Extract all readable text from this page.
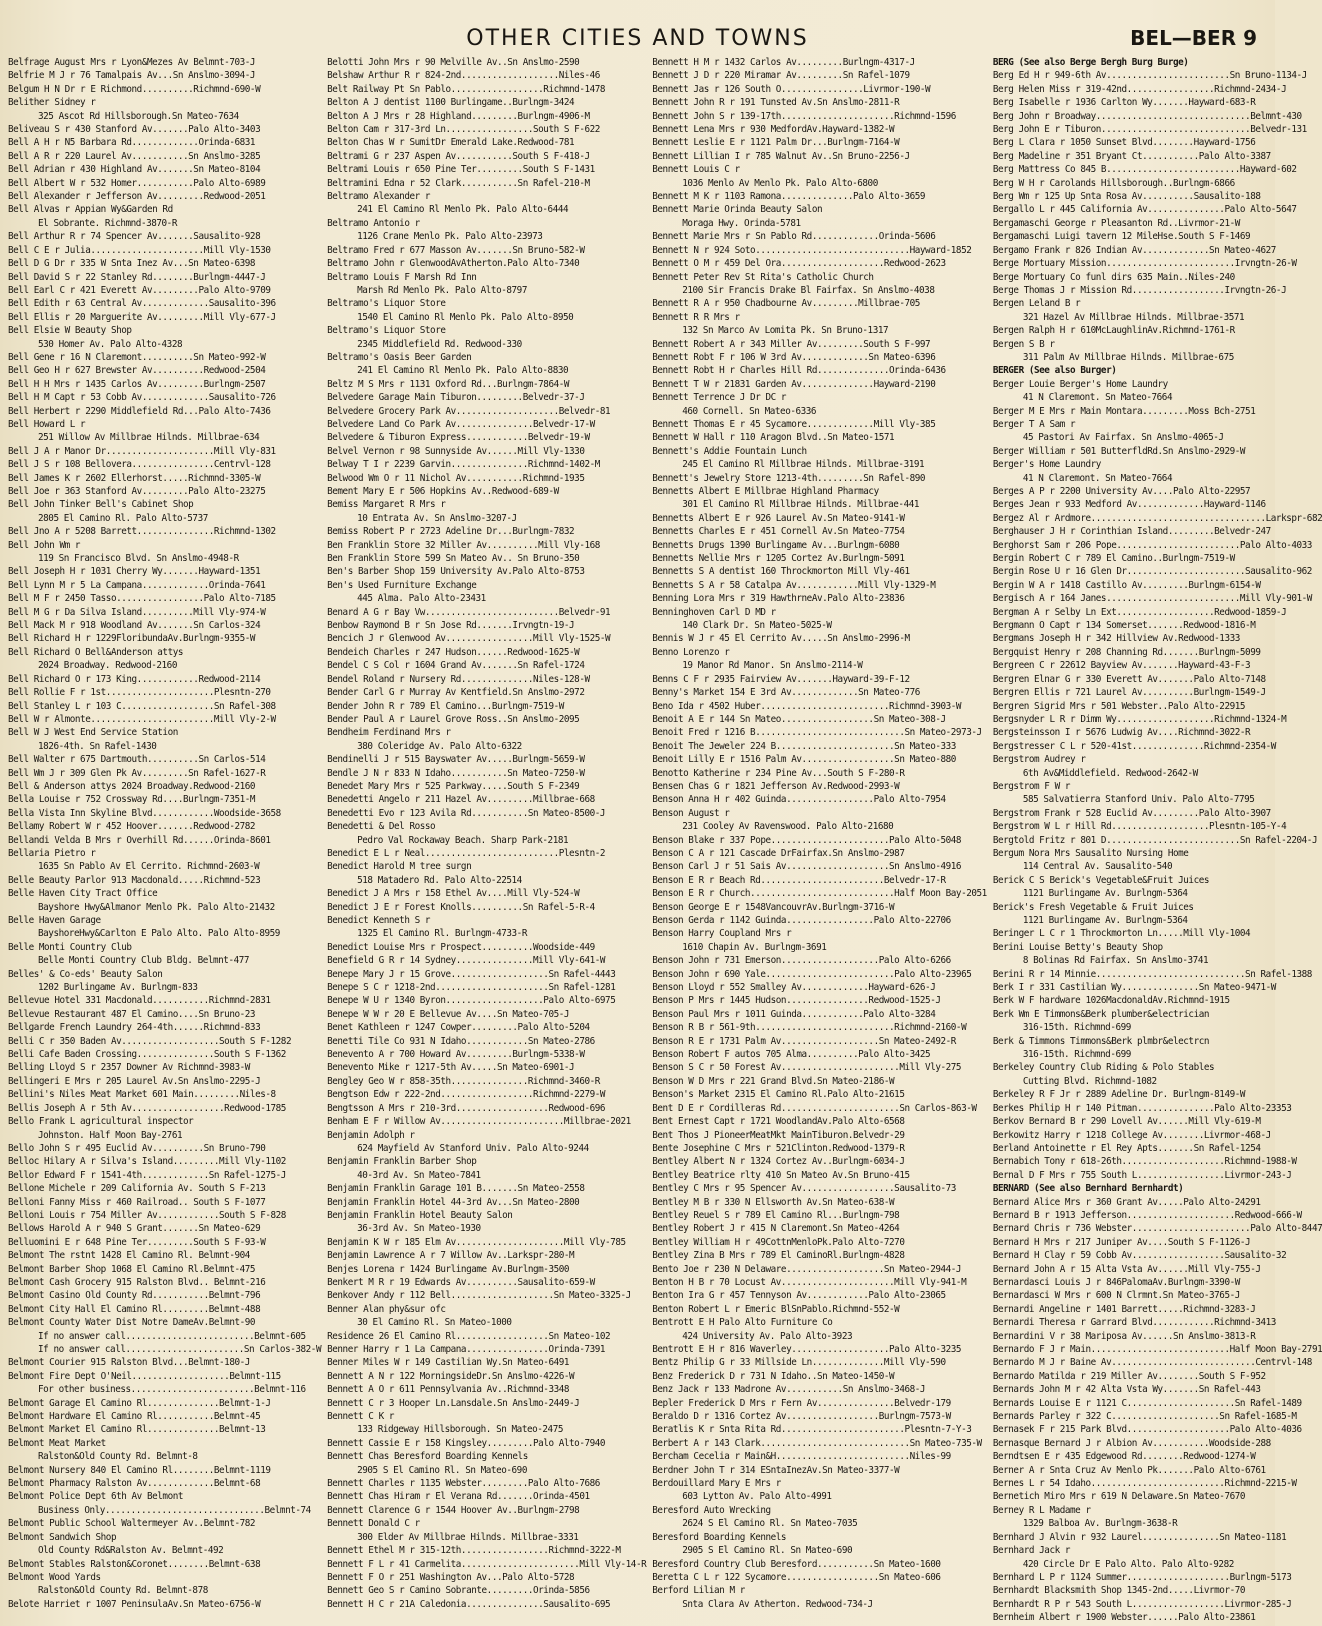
OTHER CITIES AND TOWNS	BEL—BER 9
Belfrage August Mrs r Lyon&Mezes Av Belmnt-703-J
Belfrie M J r 76 Tamalpais Av...Sn Anslmo-3094-J
Belgum H N Dr r E Richmond..........Richmnd-690-W
Belither Sidney r
325 Ascot Rd Hillsborough.Sn Mateo-7634
Beliveau S r 430 Stanford Av.......Palo Alto-3403
Bell A H r N5 Barbara Rd.............Orinda-6831
Bell A R r 220 Laurel Av...........Sn Anslmo-3285
Bell Adrian r 430 Highland Av.......Sn Mateo-8104
Bell Albert W r 532 Homer...........Palo Alto-6989
Bell Alexander r Jefferson Av.........Redwood-2051
Bell Alvas r Appian Wy&Garden Rd
El Sobrante. Richmnd-3870-R
Bell Arthur R r 74 Spencer Av.......Sausalito-928
Bell C E r Julia......................Mill Vly-1530
Bell D G Dr r 335 W Snta Inez Av...Sn Mateo-6398
Bell David S r 22 Stanley Rd........Burlngm-4447-J
Bell Earl C r 421 Everett Av.........Palo Alto-9709
Bell Edith r 63 Central Av.............Sausalito-396
Bell Ellis r 20 Marguerite Av.........Mill Vly-677-J
Bell Elsie W Beauty Shop
530 Homer Av. Palo Alto-4328
Bell Gene r 16 N Claremont..........Sn Mateo-992-W
Bell Geo H r 627 Brewster Av..........Redwood-2504
Bell H H Mrs r 1435 Carlos Av.........Burlngm-2507
Bell H M Capt r 53 Cobb Av.............Sausalito-726
Bell Herbert r 2290 Middlefield Rd...Palo Alto-7436
Bell Howard L r
251 Willow Av Millbrae Hilnds. Millbrae-634
Bell J A r Manor Dr.....................Mill Vly-831
Bell J S r 108 Bellovera................Centrvl-128
Bell James K r 2602 Ellerhorst.....Richmnd-3305-W
Bell Joe r 363 Stanford Av.........Palo Alto-23275
Bell John Tinker Bell's Cabinet Shop
2805 El Camino Rl. Palo Alto-5737
Bell Jno A r 5208 Barrett...............Richmnd-1302
Bell John Wm r
119 Sn Francisco Blvd. Sn Anslmo-4948-R
Bell Joseph H r 1031 Cherry Wy.......Hayward-1351
Bell Lynn M r 5 La Campana.............Orinda-7641
Bell M F r 2450 Tasso.................Palo Alto-7185
Bell M G r Da Silva Island..........Mill Vly-974-W
Bell Mack M r 918 Woodland Av.......Sn Carlos-324
Bell Richard H r 1229FloribundaAv.Burlngm-9355-W
Bell Richard O Bell&Anderson attys
2024 Broadway. Redwood-2160
Bell Richard O r 173 King............Redwood-2114
Bell Rollie F r 1st.....................Plesntn-270
Bell Stanley L r 103 C..................Sn Rafel-308
Bell W r Almonte........................Mill Vly-2-W
Bell W J West End Service Station
1826-4th. Sn Rafel-1430
Bell Walter r 675 Dartmouth..........Sn Carlos-514
Bell Wm J r 309 Glen Pk Av.........Sn Rafel-1627-R
Bell & Anderson attys 2024 Broadway.Redwood-2160
Bella Louise r 752 Crossway Rd....Burlngm-7351-M
Bella Vista Inn Skyline Blvd............Woodside-3658
Bellamy Robert W r 452 Hoover.......Redwood-2782
Bellandi Velda B Mrs r Overhill Rd......Orinda-8601
Bellaria Pietro r
1635 Sn Pablo Av El Cerrito. Richmnd-2603-W
Belle Beauty Parlor 913 Macdonald.....Richmnd-523
Belle Haven City Tract Office
Bayshore Hwy&Almanor Menlo Pk. Palo Alto-21432
Belle Haven Garage
BayshoreHwy&Carlton E Palo Alto. Palo Alto-8959
Belle Monti Country Club
Belle Monti Country Club Bldg. Belmnt-477
Belles' & Co-eds' Beauty Salon
1202 Burlingame Av. Burlngm-833
Bellevue Hotel 331 Macdonald...........Richmnd-2831
Bellevue Restaurant 487 El Camino....Sn Bruno-23
Bellgarde French Laundry 264-4th......Richmnd-833
Belli C r 350 Baden Av...................South S F-1282
Belli Cafe Baden Crossing...............South S F-1362
Belling Lloyd S r 2357 Downer Av Richmnd-3983-W
Bellingeri E Mrs r 205 Laurel Av.Sn Anslmo-2295-J
Bellini's Niles Meat Market 601 Main.........Niles-8
Bellis Joseph A r 5th Av..................Redwood-1785
Bello Frank L agricultural inspector
Johnston. Half Moon Bay-2761
Bello John S r 495 Euclid Av..........Sn Bruno-790
Belloc Hilary A r Silva's Island.........Mill Vly-1102
Bellor Edward F r 1541-4th.............Sn Rafel-1275-J
Bellone Michele r 209 California Av. South S F-213
Belloni Fanny Miss r 460 Railroad.. South S F-1077
Belloni Louis r 754 Miller Av............South S F-828
Bellows Harold A r 940 S Grant.......Sn Mateo-629
Belluomini E r 648 Pine Ter.........South S F-93-W
Belmont The rstnt 1428 El Camino Rl. Belmnt-904
Belmont Barber Shop 1068 El Camino Rl.Belmnt-475
Belmont Cash Grocery 915 Ralston Blvd.. Belmnt-216
Belmont Casino Old County Rd...........Belmnt-796
Belmont City Hall El Camino Rl.........Belmnt-488
Belmont County Water Dist Notre DameAv.Belmnt-90
If no answer call.........................Belmnt-605
If no answer call.......................Sn Carlos-382-W
Belmont Courier 915 Ralston Blvd...Belmnt-180-J
Belmont Fire Dept O'Neil...................Belmnt-115
For other business........................Belmnt-116
Belmont Garage El Camino Rl..............Belmnt-1-J
Belmont Hardware El Camino Rl...........Belmnt-45
Belmont Market El Camino Rl..............Belmnt-13
Belmont Meat Market
Ralston&Old County Rd. Belmnt-8
Belmont Nursery 840 El Camino Rl........Belmnt-1119
Belmont Pharmacy Ralston Av.............Belmnt-68
Belmont Police Dept 6th Av Belmont
Business Only...............................Belmnt-74
Belmont Public School Waltermeyer Av..Belmnt-782
Belmont Sandwich Shop
Old County Rd&Ralston Av. Belmnt-492
Belmont Stables Ralston&Coronet........Belmnt-638
Belmont Wood Yards
Ralston&Old County Rd. Belmnt-878
Belote Harriet r 1007 PeninsulaAv.Sn Mateo-6756-W
Belotti John Mrs r 90 Melville Av..Sn Anslmo-2590
Belshaw Arthur R r 824-2nd...................Niles-46
Belt Railway Pt Sn Pablo..................Richmnd-1478
Belton A J dentist 1100 Burlingame..Burlngm-3424
Belton A J Mrs r 28 Highland.........Burlngm-4906-M
Belton Cam r 317-3rd Ln.................South S F-622
Belton Chas W r SumitDr Emerald Lake.Redwood-781
Beltrami G r 237 Aspen Av...........South S F-418-J
Beltrami Louis r 650 Pine Ter.........South S F-1431
Beltramini Edna r 52 Clark...........Sn Rafel-210-M
Beltramo Alexander r
241 El Camino Rl Menlo Pk. Palo Alto-6444
Beltramo Antonio r
1126 Crane Menlo Pk. Palo Alto-23973
Beltramo Fred r 677 Masson Av.......Sn Bruno-582-W
Beltramo John r GlenwoodAvAtherton.Palo Alto-7340
Beltramo Louis F Marsh Rd Inn
Marsh Rd Menlo Pk. Palo Alto-8797
Beltramo's Liquor Store
1540 El Camino Rl Menlo Pk. Palo Alto-8950
Beltramo's Liquor Store
2345 Middlefield Rd. Redwood-330
Beltramo's Oasis Beer Garden
241 El Camino Rl Menlo Pk. Palo Alto-8830
Beltz M S Mrs r 1131 Oxford Rd...Burlngm-7864-W
Belvedere Garage Main Tiburon.........Belvedr-37-J
Belvedere Grocery Park Av....................Belvedr-81
Belvedere Land Co Park Av...............Belvedr-17-W
Belvedere & Tiburon Express............Belvedr-19-W
Belvel Vernon r 98 Sunnyside Av......Mill Vly-1330
Belway T I r 2239 Garvin...............Richmnd-1402-M
Belwood Wm O r 11 Nichol Av...........Richmnd-1935
Bement Mary E r 506 Hopkins Av..Redwood-689-W
Bemiss Margaret R Mrs r
10 Entrata Av. Sn Anslmo-3207-J
Bemiss Robert P r 2723 Adeline Dr...Burlngm-7832
Ben Franklin Store 32 Miller Av..........Mill Vly-168
Ben Franklin Store 599 Sn Mateo Av.. Sn Bruno-350
Ben's Barber Shop 159 University Av.Palo Alto-8753
Ben's Used Furniture Exchange
445 Alma. Palo Alto-23431
Benard A G r Bay Vw..........................Belvedr-91
Benbow Raymond B r Sn Jose Rd.......Irvngtn-19-J
Bencich J r Glenwood Av.................Mill Vly-1525-W
Bendeich Charles r 247 Hudson......Redwood-1625-W
Bendel C S Col r 1604 Grand Av.......Sn Rafel-1724
Bendel Roland r Nursery Rd..............Niles-128-W
Bender Carl G r Murray Av Kentfield.Sn Anslmo-2972
Bender John R r 789 El Camino...Burlngm-7519-W
Bender Paul A r Laurel Grove Ross..Sn Anslmo-2095
Bendheim Ferdinand Mrs r
380 Coleridge Av. Palo Alto-6322
Bendinelli J r 515 Bayswater Av.....Burlngm-5659-W
Bendle J N r 833 N Idaho...........Sn Mateo-7250-W
Benedet Mary Mrs r 525 Parkway.....South S F-2349
Benedetti Angelo r 211 Hazel Av.........Millbrae-668
Benedetti Evo r 123 Avila Rd...........Sn Mateo-8500-J
Benedetti & Del Rosso
Pedro Val Rockaway Beach. Sharp Park-2181
Benedict E L r Neal..........................Plesntn-2
Benedict Harold M tree surgn
518 Matadero Rd. Palo Alto-22514
Benedict J A Mrs r 158 Ethel Av....Mill Vly-524-W
Benedict J E r Forest Knolls..........Sn Rafel-5-R-4
Benedict Kenneth S r
1325 El Camino Rl. Burlngm-4733-R
Benedict Louise Mrs r Prospect..........Woodside-449
Benefield G R r 14 Sydney...............Mill Vly-641-W
Benepe Mary J r 15 Grove...................Sn Rafel-4443
Benepe S C r 1218-2nd......................Sn Rafel-1281
Benepe W U r 1340 Byron...................Palo Alto-6975
Benepe W W r 20 E Bellevue Av....Sn Mateo-705-J
Benet Kathleen r 1247 Cowper.........Palo Alto-5204
Benetti Tile Co 931 N Idaho............Sn Mateo-2786
Benevento A r 700 Howard Av.........Burlngm-5338-W
Benevento Mike r 1217-5th Av.....Sn Mateo-6901-J
Bengley Geo W r 858-35th...............Richmnd-3460-R
Bengtson Edw r 222-2nd..................Richmnd-2279-W
Bengtsson A Mrs r 210-3rd..................Redwood-696
Benham E F r Willow Av........................Millbrae-2021
Benjamin Adolph r
624 Mayfield Av Stanford Univ. Palo Alto-9244
Benjamin Franklin Barber Shop
40-3rd Av. Sn Mateo-7841
Benjamin Franklin Garage 101 B.......Sn Mateo-2558
Benjamin Franklin Hotel 44-3rd Av...Sn Mateo-2800
Benjamin Franklin Hotel Beauty Salon
36-3rd Av. Sn Mateo-1930
Benjamin K W r 185 Elm Av.....................Mill Vly-785
Benjamin Lawrence A r 7 Willow Av..Larkspr-280-M
Benjes Lorena r 1424 Burlingame Av.Burlngm-3500
Benkert M R r 19 Edwards Av..........Sausalito-659-W
Benkover Andy r 112 Bell....................Sn Mateo-3325-J
Benner Alan phy&sur ofc
30 El Camino Rl. Sn Mateo-1000
Residence 26 El Camino Rl..................Sn Mateo-102
Benner Harry r 1 La Campana................Orinda-7391
Benner Miles W r 149 Castilian Wy.Sn Mateo-6491
Bennett A N r 122 MorningsideDr.Sn Anslmo-4226-W
Bennett A O r 611 Pennsylvania Av..Richmnd-3348
Bennett C r 3 Hooper Ln.Lansdale.Sn Anslmo-2449-J
Bennett C K r
133 Ridgeway Hillsborough. Sn Mateo-2475
Bennett Cassie E r 158 Kingsley.........Palo Alto-7940
Bennett Chas Beresford Boarding Kennels
2905 S El Camino Rl. Sn Mateo-690
Bennett Charles r 1135 Webster.........Palo Alto-7686
Bennett Chas Hiram r El Verana Rd.......Orinda-4501
Bennett Clarence G r 1544 Hoover Av..Burlngm-2798
Bennett Donald C r
300 Elder Av Millbrae Hilnds. Millbrae-3331
Bennett Ethel M r 315-12th.................Richmnd-3222-M
Bennett F L r 41 Carmelita.......................Mill Vly-14-R
Bennett F O r 251 Washington Av...Palo Alto-5728
Bennett Geo S r Camino Sobrante.........Orinda-5856
Bennett H C r 21A Caledonia...............Sausalito-695
Bennett H M r 1432 Carlos Av.........Burlngm-4317-J
Bennett J D r 220 Miramar Av.........Sn Rafel-1079
Bennett Jas r 126 South O................Livrmor-190-W
Bennett John R r 191 Tunsted Av.Sn Anslmo-2811-R
Bennett John S r 139-17th......................Richmnd-1596
Bennett Lena Mrs r 930 MedfordAv.Hayward-1382-W
Bennett Leslie E r 1121 Palm Dr...Burlngm-7164-W
Bennett Lillian I r 785 Walnut Av..Sn Bruno-2256-J
Bennett Louis C r
1036 Menlo Av Menlo Pk. Palo Alto-6800
Bennett M K r 1103 Ramona..............Palo Alto-3659
Bennett Marie Orinda Beauty Salon
Moraga Hwy. Orinda-5781
Bennett Marie Mrs r Sn Pablo Rd.............Orinda-5606
Bennett N r 924 Soto..............................Hayward-1852
Bennett O M r 459 Del Ora....................Redwood-2623
Bennett Peter Rev St Rita's Catholic Church
2100 Sir Francis Drake Bl Fairfax. Sn Anslmo-4038
Bennett R A r 950 Chadbourne Av.........Millbrae-705
Bennett R R Mrs r
132 Sn Marco Av Lomita Pk. Sn Bruno-1317
Bennett Robert A r 343 Miller Av.........South S F-997
Bennett Robt F r 106 W 3rd Av.............Sn Mateo-6396
Bennett Robt H r Charles Hill Rd..............Orinda-6436
Bennett T W r 21831 Garden Av..............Hayward-2190
Bennett Terrence J Dr DC r
460 Cornell. Sn Mateo-6336
Bennett Thomas E r 45 Sycamore.............Mill Vly-385
Bennett W Hall r 110 Aragon Blvd..Sn Mateo-1571
Bennett's Addie Fountain Lunch
245 El Camino Rl Millbrae Hilnds. Millbrae-3191
Bennett's Jewelry Store 1213-4th.........Sn Rafel-890
Bennetts Albert E Millbrae Highland Pharmacy
301 El Camino Rl Millbrae Hilnds. Millbrae-441
Bennetts Albert E r 926 Laurel Av.Sn Mateo-9141-W
Bennetts Charles E r 451 Cornell Av.Sn Mateo-7754
Bennetts Drugs 1390 Burlingame Av...Burlngm-6080
Bennetts Nellie Mrs r 1205 Cortez Av.Burlngm-5091
Bennetts S A dentist 160 Throckmorton Mill Vly-461
Bennetts S A r 58 Catalpa Av............Mill Vly-1329-M
Benning Lora Mrs r 319 HawthrneAv.Palo Alto-23836
Benninghoven Carl D MD r
140 Clark Dr. Sn Mateo-5025-W
Bennis W J r 45 El Cerrito Av.....Sn Anslmo-2996-M
Benno Lorenzo r
19 Manor Rd Manor. Sn Anslmo-2114-W
Benns C F r 2935 Fairview Av.......Hayward-39-F-12
Benny's Market 154 E 3rd Av.............Sn Mateo-776
Beno Ida r 4502 Huber.........................Richmnd-3903-W
Benoit A E r 144 Sn Mateo..................Sn Mateo-308-J
Benoit Fred r 1216 B.............................Sn Mateo-2973-J
Benoit The Jeweler 224 B.......................Sn Mateo-333
Benoit Lilly E r 1516 Palm Av..................Sn Mateo-880
Benotto Katherine r 234 Pine Av...South S F-280-R
Bensen Chas G r 1821 Jefferson Av.Redwood-2993-W
Benson Anna H r 402 Guinda.................Palo Alto-7954
Benson August r
231 Cooley Av Ravenswood. Palo Alto-21680
Benson Blake r 337 Pope.......................Palo Alto-5048
Benson C A r 121 Cascade DrFairfax.Sn Anslmo-2987
Benson Carl J r 51 Sais Av....................Sn Anslmo-4916
Benson E R r Beach Rd........................Belvedr-17-R
Benson E R r Church............................Half Moon Bay-2051
Benson George E r 1548VancouvrAv.Burlngm-3716-W
Benson Gerda r 1142 Guinda.................Palo Alto-22706
Benson Harry Coupland Mrs r
1610 Chapin Av. Burlngm-3691
Benson John r 731 Emerson...................Palo Alto-6266
Benson John r 690 Yale.........................Palo Alto-23965
Benson Lloyd r 552 Smalley Av.............Hayward-626-J
Benson P Mrs r 1445 Hudson................Redwood-1525-J
Benson Paul Mrs r 1011 Guinda............Palo Alto-3284
Benson R B r 561-9th...........................Richmnd-2160-W
Benson R E r 1731 Palm Av...................Sn Mateo-2492-R
Benson Robert F autos 705 Alma..........Palo Alto-3425
Benson S C r 50 Forest Av.......................Mill Vly-275
Benson W D Mrs r 221 Grand Blvd.Sn Mateo-2186-W
Benson's Market 2315 El Camino Rl.Palo Alto-21615
Bent D E r Cordilleras Rd.......................Sn Carlos-863-W
Bent Ernest Capt r 1721 WoodlandAv.Palo Alto-6568
Bent Thos J PioneerMeatMkt MainTiburon.Belvedr-29
Bente Josephine C Mrs r 521Clinton.Redwood-1379-R
Bentley Albert N r 1324 Cortez Av..Burlngm-6034-J
Bentley Beatrice rlty 410 Sn Mateo Av.Sn Bruno-415
Bentley C Mrs r 95 Spencer Av..................Sausalito-73
Bentley M B r 330 N Ellsworth Av.Sn Mateo-638-W
Bentley Reuel S r 789 El Camino Rl...Burlngm-798
Bentley Robert J r 415 N Claremont.Sn Mateo-4264
Bentley William H r 49CottnMenloPk.Palo Alto-7270
Bentley Zina B Mrs r 789 El CaminoRl.Burlngm-4828
Bento Joe r 230 N Delaware...................Sn Mateo-2944-J
Benton H B r 70 Locust Av......................Mill Vly-941-M
Benton Ira G r 457 Tennyson Av............Palo Alto-23065
Benton Robert L r Emeric BlSnPablo.Richmnd-552-W
Bentrott E H Palo Alto Furniture Co
424 University Av. Palo Alto-3923
Bentrott E H r 816 Waverley...................Palo Alto-3235
Bentz Philip G r 33 Millside Ln..............Mill Vly-590
Benz Frederick D r 731 N Idaho..Sn Mateo-1450-W
Benz Jack r 133 Madrone Av...........Sn Anslmo-3468-J
Bepler Frederick D Mrs r Fern Av...............Belvedr-179
Beraldo D r 1316 Cortez Av..................Burlngm-7573-W
Beratlis K r Snta Rita Rd........................Plesntn-7-Y-3
Berbert A r 143 Clark.............................Sn Mateo-735-W
Bercham Cecelia r Main&H..........................Niles-99
Berdner John T r 314 ESntaInezAv.Sn Mateo-3377-W
Berdouillard Mary E Mrs r
603 Lytton Av. Palo Alto-4991
Beresford Auto Wrecking
2624 S El Camino Rl. Sn Mateo-7035
Beresford Boarding Kennels
2905 S El Camino Rl. Sn Mateo-690
Beresford Country Club Beresford...........Sn Mateo-1600
Beretta C L r 122 Sycamore..................Sn Mateo-606
Berford Lilian M r
Snta Clara Av Atherton. Redwood-734-J
BERG (See also Berge Bergh Burg Burge)
Berg Ed H r 949-6th Av........................Sn Bruno-1134-J
Berg Helen Miss r 319-42nd.................Richmnd-2434-J
Berg Isabelle r 1936 Carlton Wy.......Hayward-683-R
Berg John r Broadway..............................Belmnt-430
Berg John E r Tiburon.............................Belvedr-131
Berg L Clara r 1050 Sunset Blvd........Hayward-1756
Berg Madeline r 351 Bryant Ct...........Palo Alto-3387
Berg Mattress Co 845 B..........................Hayward-602
Berg W H r Carolands Hillsborough..Burlngm-6866
Berg Wm r 125 Up Snta Rosa Av..........Sausalito-188
Bergallo L r 445 California Av...............Palo Alto-5647
Bergamaschi George r Pleasanton Rd..Livrmor-21-W
Bergamaschi Luigi tavern 12 MileHse.South S F-1469
Bergamo Frank r 826 Indian Av.............Sn Mateo-4627
Berge Mortuary Mission.........................Irvngtn-26-W
Berge Mortuary Co funl dirs 635 Main..Niles-240
Berge Thomas J r Mission Rd..................Irvngtn-26-J
Bergen Leland B r
321 Hazel Av Millbrae Hilnds. Millbrae-3571
Bergen Ralph H r 610McLaughlinAv.Richmnd-1761-R
Bergen S B r
311 Palm Av Millbrae Hilnds. Millbrae-675
BERGER (See also Burger)
Berger Louie Berger's Home Laundry
41 N Claremont. Sn Mateo-7664
Berger M E Mrs r Main Montara.........Moss Bch-2751
Berger T A Sam r
45 Pastori Av Fairfax. Sn Anslmo-4065-J
Berger William r 501 ButterfldRd.Sn Anslmo-2929-W
Berger's Home Laundry
41 N Claremont. Sn Mateo-7664
Berges A P r 2200 University Av....Palo Alto-22957
Berges Jean r 933 Medford Av.............Hayward-1146
Bergez Al r Ardmore..................................Larkspr-682
Berghauser J H r Corinthian Island.........Belvedr-247
Berghorst Sam r 206 Pope........................Palo Alto-4033
Bergin Robert C r 789 El Camino..Burlngm-7519-W
Bergin Rose U r 16 Glen Dr.......................Sausalito-962
Bergin W A r 1418 Castillo Av.........Burlngm-6154-W
Bergisch A r 164 Janes..........................Mill Vly-901-W
Bergman A r Selby Ln Ext...................Redwood-1859-J
Bergmann O Capt r 134 Somerset.......Redwood-1816-M
Bergmans Joseph H r 342 Hillview Av.Redwood-1333
Bergquist Henry r 208 Channing Rd.......Burlngm-5099
Bergreen C r 22612 Bayview Av.......Hayward-43-F-3
Bergren Elnar G r 330 Everett Av.......Palo Alto-7148
Bergren Ellis r 721 Laurel Av..........Burlngm-1549-J
Bergren Sigrid Mrs r 501 Webster..Palo Alto-22915
Bergsnyder L R r Dimm Wy...................Richmnd-1324-M
Bergsteinsson I r 5676 Ludwig Av....Richmnd-3022-R
Bergstresser C L r 520-41st..............Richmnd-2354-W
Bergstrom Audrey r
6th Av&Middlefield. Redwood-2642-W
Bergstrom F W r
585 Salvatierra Stanford Univ. Palo Alto-7795
Bergstrom Frank r 528 Euclid Av.........Palo Alto-3907
Bergstrom W L r Hill Rd...................Plesntn-105-Y-4
Bergtold Fritz r 801 D..........................Sn Rafel-2204-J
Bergum Nora Mrs Sausalito Nursing Home
114 Central Av. Sausalito-540
Berick C S Berick's Vegetable&Fruit Juices
1121 Burlingame Av. Burlngm-5364
Berick's Fresh Vegetable & Fruit Juices
1121 Burlingame Av. Burlngm-5364
Beringer L C r 1 Throckmorton Ln.....Mill Vly-1004
Berini Louise Betty's Beauty Shop
8 Bolinas Rd Fairfax. Sn Anslmo-3741
Berini R r 14 Minnie.............................Sn Rafel-1388
Berk I r 331 Castilian Wy...............Sn Mateo-9471-W
Berk W F hardware 1026MacdonaldAv.Richmnd-1915
Berk Wm E Timmons&Berk plumber&electrician
316-15th. Richmnd-699
Berk & Timmons Timmons&Berk plmbr&electrcn
316-15th. Richmnd-699
Berkeley Country Club Riding & Polo Stables
Cutting Blvd. Richmnd-1082
Berkeley R F Jr r 2889 Adeline Dr. Burlngm-8149-W
Berkes Philip H r 140 Pitman...............Palo Alto-23353
Berkov Bernard B r 290 Lovell Av......Mill Vly-619-M
Berkowitz Harry r 1218 College Av........Livrmor-468-J
Berland Antoinette r El Rey Apts.......Sn Rafel-1254
Bernabich Tony r 618-26th....................Richmnd-1988-W
Bernal D F Mrs r 755 South L.................Livrmor-243-J
BERNARD (See also Bernhard Bernhardt)
Bernard Alice Mrs r 360 Grant Av.....Palo Alto-24291
Bernard B r 1913 Jefferson.....................Redwood-666-W
Bernard Chris r 736 Webster.......................Palo Alto-8447
Bernard H Mrs r 217 Juniper Av....South S F-1126-J
Bernard H Clay r 59 Cobb Av..................Sausalito-32
Bernard John A r 15 Alta Vsta Av......Mill Vly-755-J
Bernardasci Louis J r 846PalomaAv.Burlngm-3390-W
Bernardasci W Mrs r 600 N Clrmnt.Sn Mateo-3765-J
Bernardi Angeline r 1401 Barrett.....Richmnd-3283-J
Bernardi Theresa r Garrard Blvd............Richmnd-3413
Bernardini V r 38 Mariposa Av......Sn Anslmo-3813-R
Bernardo F J r Main...........................Half Moon Bay-2791
Bernardo M J r Baine Av............................Centrvl-148
Bernardo Matilda r 219 Miller Av........South S F-952
Bernards John M r 42 Alta Vsta Wy.......Sn Rafel-443
Bernards Louise E r 1121 C.....................Sn Rafel-1489
Bernards Parley r 322 C.....................Sn Rafel-1685-M
Bernasek F r 215 Park Blvd....................Palo Alto-4036
Bernasque Bernard J r Albion Av...........Woodside-288
Berndtsen E r 435 Edgewood Rd........Redwood-1274-W
Berner A r Snta Cruz Av Menlo Pk.......Palo Alto-6761
Bernes L r 54 Idaho..........................Richmnd-2215-W
Bernetich Miro Mrs r 619 N Delaware.Sn Mateo-7670
Berney R L Madame r
1329 Balboa Av. Burlngm-3638-R
Bernhard J Alvin r 932 Laurel...............Sn Mateo-1181
Bernhard Jack r
420 Circle Dr E Palo Alto. Palo Alto-9282
Bernhard L P r 1124 Summer....................Burlngm-5173
Bernhardt Blacksmith Shop 1345-2nd.....Livrmor-70
Bernhardt R P r 543 South L..................Livrmor-285-J
Bernheim Albert r 1900 Webster......Palo Alto-23861
